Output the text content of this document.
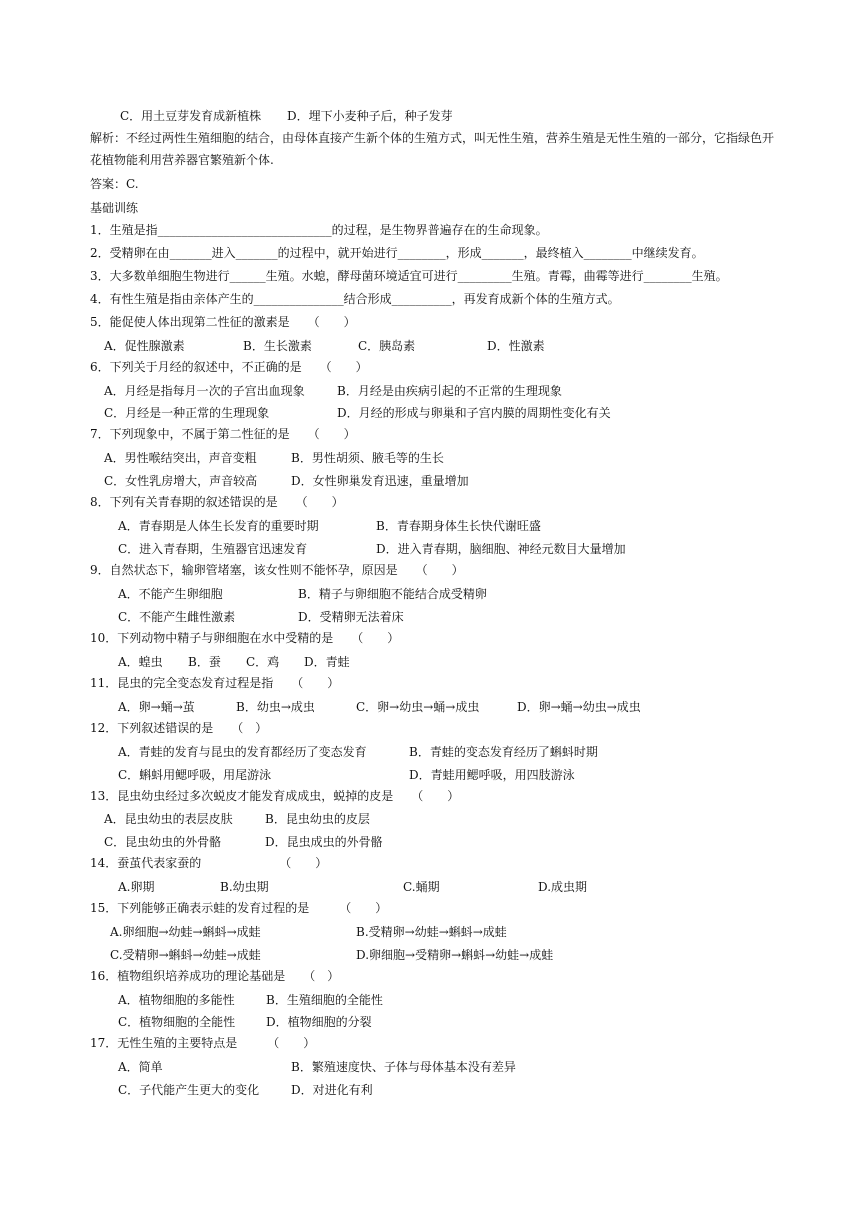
C．用土豆芽发育成新植株 D．埋下小麦种子后，种子发芽
解析：不经过两性生殖细胞的结合，由母体直接产生新个体的生殖方式，叫无性生殖，营养生殖是无性生殖的一部分，它指绿色开花植物能利用营养器官繁殖新个体.
答案：C.
基础训练
1．生殖是指_____________________________的过程，是生物界普遍存在的生命现象。
2．受精卵在由_______进入_______的过程中，就开始进行________，形成_______，最终植入________中继续发育。
3．大多数单细胞生物进行______生殖。水螅，酵母菌环境适宜可进行_________生殖。青霉，曲霉等进行________生殖。
4．有性生殖是指由亲体产生的_______________结合形成__________，再发育成新个体的生殖方式。
5．能促使人体出现第二性征的激素是　　（　　）
A．促性腺激素	B．生长激素	C．胰岛素	D．性激素
6．下列关于月经的叙述中，不正确的是　　（　　）
A．月经是指每月一次的子宫出血现象	B．月经是由疾病引起的不正常的生理现象
C．月经是一种正常的生理现象	D．月经的形成与卵巢和子宫内膜的周期性变化有关
7．下列现象中，不属于第二性征的是　　（　　）
A．男性喉结突出，声音变粗	B．男性胡须、腋毛等的生长
C．女性乳房增大，声音较高	D．女性卵巢发育迅速，重量增加
8．下列有关青春期的叙述错误的是　　（　　）
A．青春期是人体生长发育的重要时期	B．青春期身体生长快代谢旺盛
C．进入青春期，生殖器官迅速发育	D．进入青春期，脑细胞、神经元数目大量增加
9．自然状态下，输卵管堵塞，该女性则不能怀孕，原因是　　（　　）
A．不能产生卵细胞	B．精子与卵细胞不能结合成受精卵
C．不能产生雌性激素	D．受精卵无法着床
10．下列动物中精子与卵细胞在水中受精的是　　（　　）
A．蝗虫 B．蚕 C．鸡 D．青蛙
11．昆虫的完全变态发育过程是指　　（　　）
A．卵→蛹→茧	B．幼虫→成虫	C．卵→幼虫→蛹→成虫	D．卵→蛹→幼虫→成虫
12．下列叙述错误的是　　（　）
A．青蛙的发育与昆虫的发育都经历了变态发育	B．青蛙的变态发育经历了蝌蚪时期
C．蝌蚪用鳃呼吸，用尾游泳	D．青蛙用鳃呼吸，用四肢游泳
13．昆虫幼虫经过多次蜕皮才能发育成成虫，蜕掉的皮是　　（　　）
A．昆虫幼虫的表层皮肤	B．昆虫幼虫的皮层
C．昆虫幼虫的外骨骼	D．昆虫成虫的外骨骼
14．蚕茧代表家蚕的　　　　　　　（　　）
A.卵期	B.幼虫期	C.蛹期	D.成虫期
15．下列能够正确表示蛙的发育过程的是　　　（　　）
A.卵细胞→幼蛙→蝌蚪→成蛙	B.受精卵→幼蛙→蝌蚪→成蛙
C.受精卵→蝌蚪→幼蛙→成蛙	D.卵细胞→受精卵→蝌蚪→幼蛙→成蛙
16．植物组织培养成功的理论基础是　　（　）
A．植物细胞的多能性	B．生殖细胞的全能性
C．植物细胞的全能性	D．植物细胞的分裂
17．无性生殖的主要特点是　　　（　　）
A．简单	B．繁殖速度快、子体与母体基本没有差异
C．子代能产生更大的变化	D．对进化有利
